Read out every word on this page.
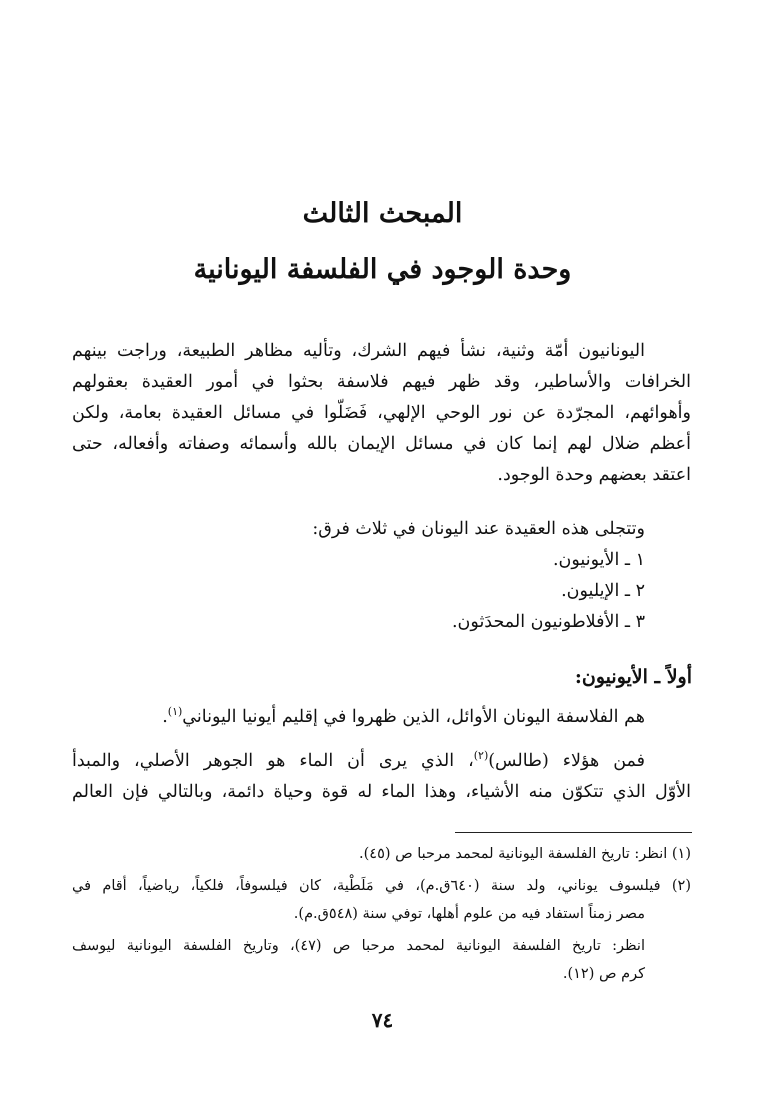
المبحث الثالث
وحدة الوجود في الفلسفة اليونانية
اليونانيون أمّة وثنية، نشأ فيهم الشرك، وتأليه مظاهر الطبيعة، وراجت بينهم
الخرافات والأساطير، وقد ظهر فيهم فلاسفة بحثوا في أمور العقيدة بعقولهم
وأهوائهم، المجرّدة عن نور الوحي الإلهي، فَضَلّوا في مسائل العقيدة بعامة، ولكن
أعظم ضلال لهم إنما كان في مسائل الإيمان بالله وأسمائه وصفاته وأفعاله، حتى
اعتقد بعضهم وحدة الوجود.
وتتجلى هذه العقيدة عند اليونان في ثلاث فرق:
١ ـ الأيونيون.
٢ ـ الإيليون.
٣ ـ الأفلاطونيون المحدَثون.
أولاً ـ الأيونيون:
هم الفلاسفة اليونان الأوائل، الذين ظهروا في إقليم أيونيا اليوناني$^{(١)}$.
فمن هؤلاء (طالس)$^{(٢)}$، الذي يرى أن الماء هو الجوهر الأصلي، والمبدأ
الأوّل الذي تتكوّن منه الأشياء، وهذا الماء له قوة وحياة دائمة، وبالتالي فإن العالم
(١) انظر: تاريخ الفلسفة اليونانية لمحمد مرحبا ص (٤٥).
(٢) فيلسوف يوناني، ولد سنة (٦٤٠ق.م)، في مَلَطْية، كان فيلسوفاً، فلكياً، رياضياً، أقام في
مصر زمناً استفاد فيه من علوم أهلها، توفي سنة (٥٤٨ق.م).
انظر: تاريخ الفلسفة اليونانية لمحمد مرحبا ص (٤٧)، وتاريخ الفلسفة اليونانية ليوسف
كرم ص (١٢).
٧٤
